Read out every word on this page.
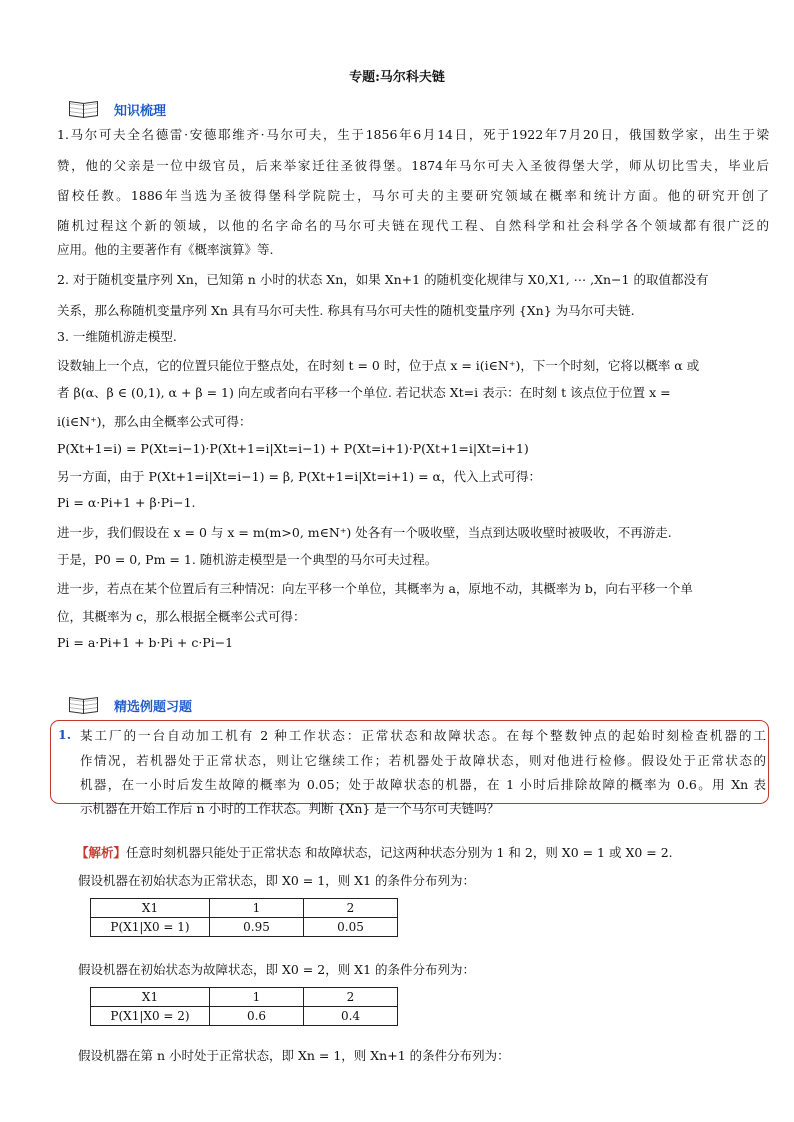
专题:马尔科夫链
知识梳理
1.马尔可夫全名德雷·安德耶维齐·马尔可夫，生于1856年6月14日，死于1922年7月20日，俄国数学家，出生于梁
赞，他的父亲是一位中级官员，后来举家迁往圣彼得堡。1874年马尔可夫入圣彼得堡大学，师从切比雪夫，毕业后
留校任教。1886年当选为圣彼得堡科学院院士，马尔可夫的主要研究领域在概率和统计方面。他的研究开创了
随机过程这个新的领域，以他的名字命名的马尔可夫链在现代工程、自然科学和社会科学各个领域都有很广泛的
应用。他的主要著作有《概率演算》等.
2. 对于随机变量序列 Xn，已知第 n 小时的状态 Xn，如果 Xn+1 的随机变化规律与 X0,X1, ⋯ ,Xn−1 的取值都没有
关系，那么称随机变量序列 Xn 具有马尔可夫性. 称具有马尔可夫性的随机变量序列 {Xn} 为马尔可夫链.
3. 一维随机游走模型.
设数轴上一个点，它的位置只能位于整点处，在时刻 t = 0 时，位于点 x = i(i∈N⁺)，下一个时刻，它将以概率 α 或
者 β(α、β ∈ (0,1), α + β = 1) 向左或者向右平移一个单位. 若记状态 Xt=i 表示：在时刻 t 该点位于位置 x =
i(i∈N⁺)，那么由全概率公式可得：
P(Xt+1=i) = P(Xt=i−1)·P(Xt+1=i|Xt=i−1) + P(Xt=i+1)·P(Xt+1=i|Xt=i+1)
另一方面，由于 P(Xt+1=i|Xt=i−1) = β, P(Xt+1=i|Xt=i+1) = α，代入上式可得：
Pi = α·Pi+1 + β·Pi−1.
进一步，我们假设在 x = 0 与 x = m(m>0, m∈N⁺) 处各有一个吸收壁，当点到达吸收壁时被吸收，不再游走.
于是，P0 = 0, Pm = 1. 随机游走模型是一个典型的马尔可夫过程。
进一步，若点在某个位置后有三种情况：向左平移一个单位，其概率为 a，原地不动，其概率为 b，向右平移一个单
位，其概率为 c，那么根据全概率公式可得：
Pi = a·Pi+1 + b·Pi + c·Pi−1
精选例题习题
1. 某工厂的一台自动加工机有 2 种工作状态：正常状态和故障状态。在每个整数钟点的起始时刻检查机器的工
作情况，若机器处于正常状态，则让它继续工作；若机器处于故障状态，则对他进行检修。假设处于正常状态的
机器，在一小时后发生故障的概率为 0.05；处于故障状态的机器，在 1 小时后排除故障的概率为 0.6。用 Xn 表
示机器在开始工作后 n 小时的工作状态。判断 {Xn} 是一个马尔可夫链吗？
【解析】任意时刻机器只能处于正常状态 和故障状态，记这两种状态分别为 1 和 2，则 X0 = 1 或 X0 = 2.
假设机器在初始状态为正常状态，即 X0 = 1，则 X1 的条件分布列为：
X1	1	2
P(X1|X0 = 1)	0.95	0.05
假设机器在初始状态为故障状态，即 X0 = 2，则 X1 的条件分布列为：
X1	1	2
P(X1|X0 = 2)	0.6	0.4
假设机器在第 n 小时处于正常状态，即 Xn = 1，则 Xn+1 的条件分布列为：
